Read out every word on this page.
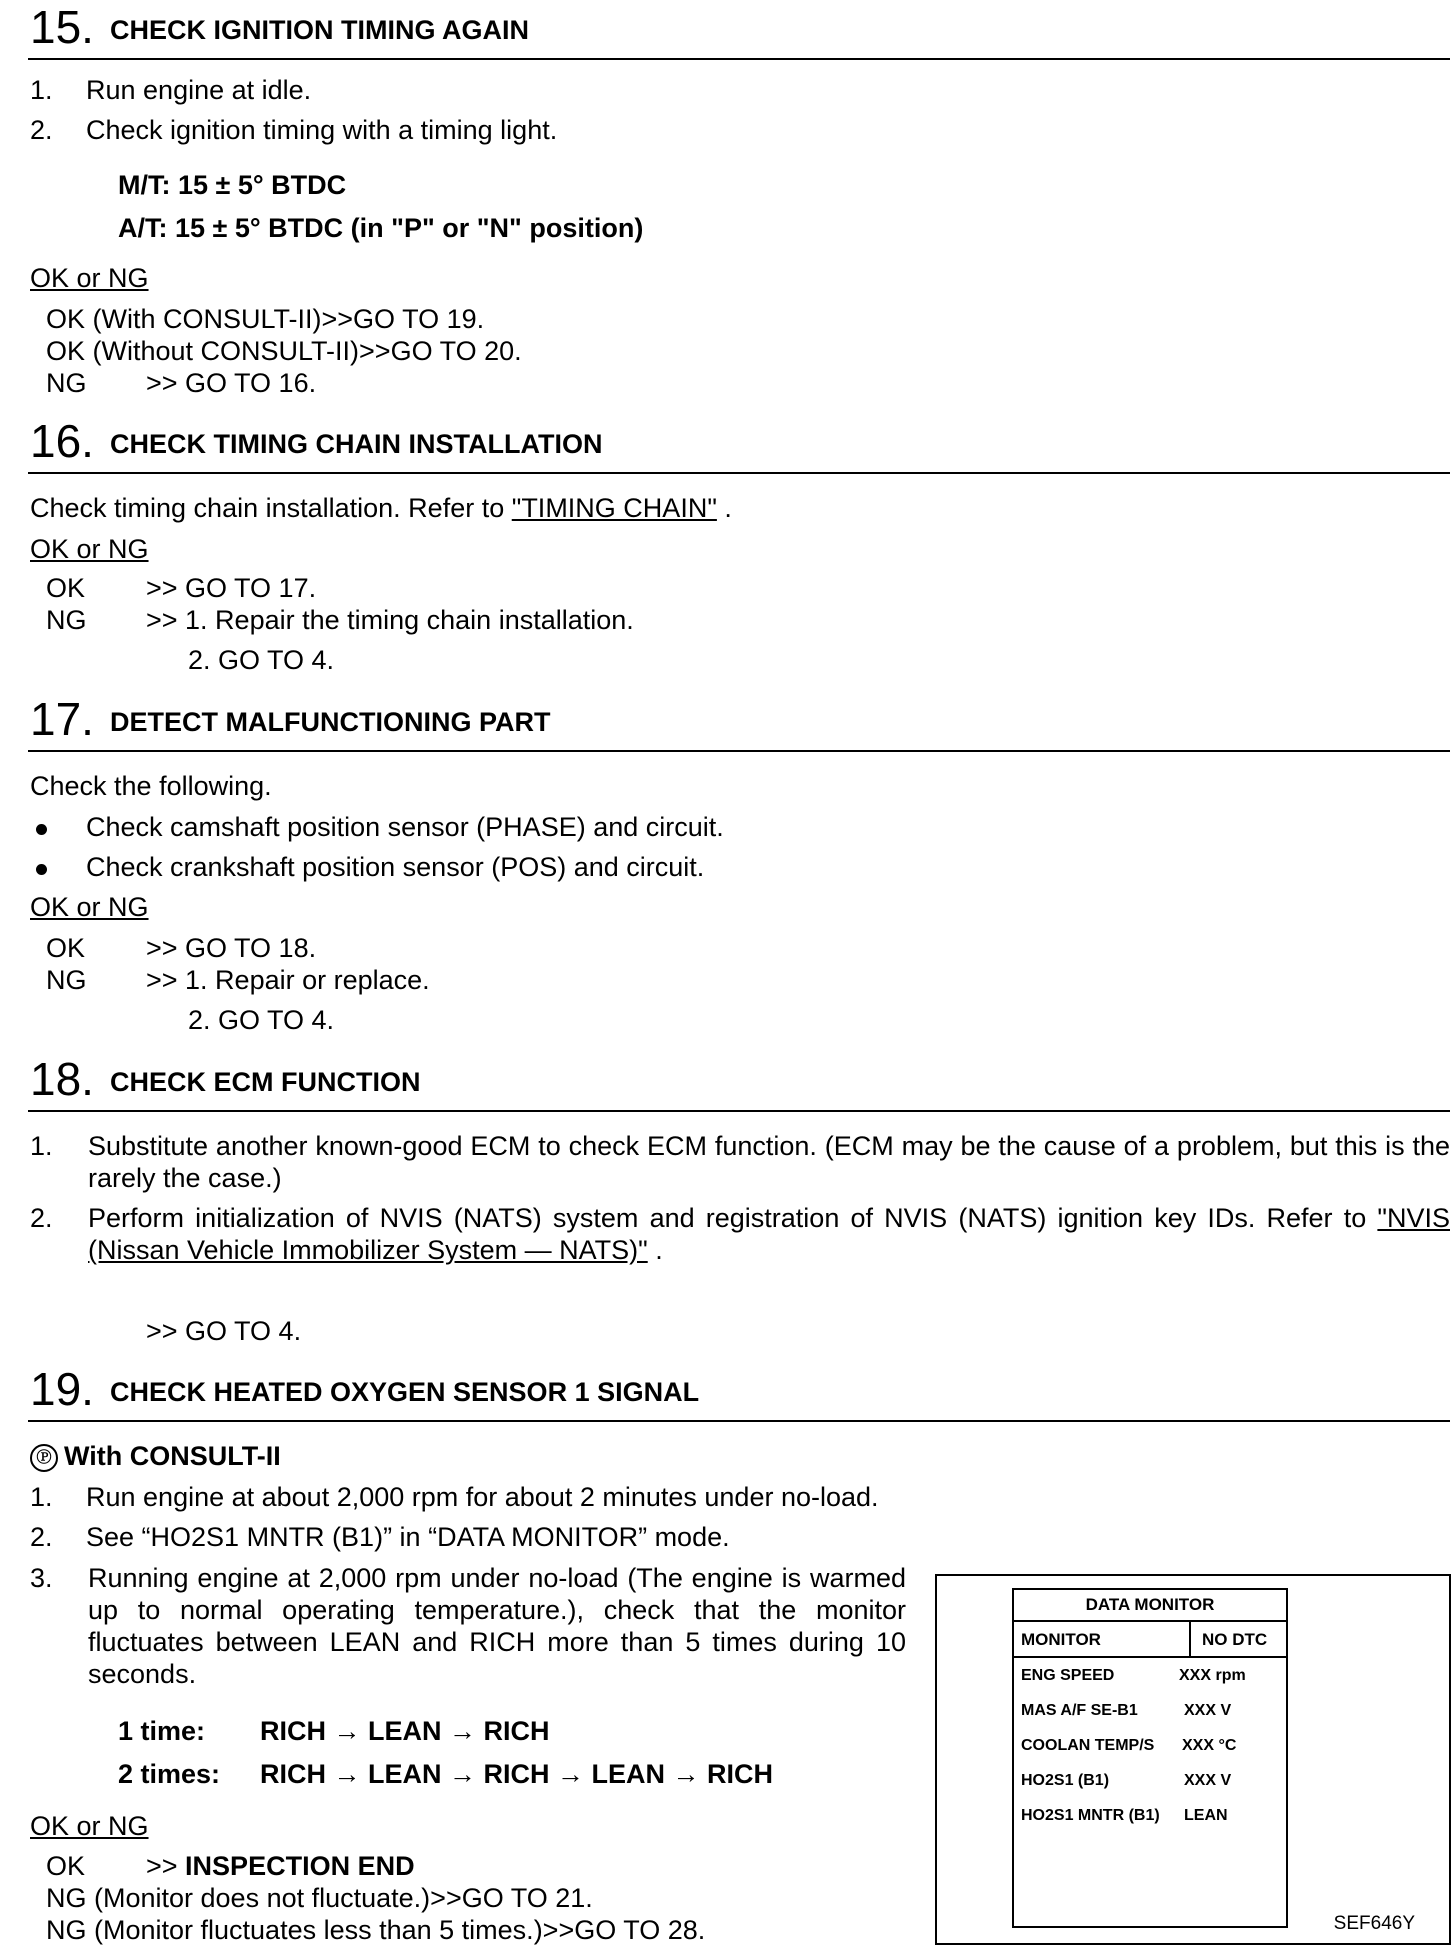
15. CHECK IGNITION TIMING AGAIN
1. Run engine at idle.
2. Check ignition timing with a timing light.
M/T: 15 ± 5° BTDC
A/T: 15 ± 5° BTDC (in "P" or "N" position)
OK or NG
OK (With CONSULT-II)>>GO TO 19.
OK (Without CONSULT-II)>>GO TO 20.
NG >> GO TO 16.
16. CHECK TIMING CHAIN INSTALLATION
Check timing chain installation. Refer to "TIMING CHAIN" .
OK or NG
OK >> GO TO 17.
NG >> 1. Repair the timing chain installation.
2. GO TO 4.
17. DETECT MALFUNCTIONING PART
Check the following.
Check camshaft position sensor (PHASE) and circuit.
Check crankshaft position sensor (POS) and circuit.
OK or NG
OK >> GO TO 18.
NG >> 1. Repair or replace.
2. GO TO 4.
18. CHECK ECM FUNCTION
1. Substitute another known-good ECM to check ECM function. (ECM may be the cause of a problem, but this is the rarely the case.)
2. Perform initialization of NVIS (NATS) system and registration of NVIS (NATS) ignition key IDs. Refer to "NVIS (Nissan Vehicle Immobilizer System — NATS)" .
>> GO TO 4.
19. CHECK HEATED OXYGEN SENSOR 1 SIGNAL
Ⓟ With CONSULT-II
1. Run engine at about 2,000 rpm for about 2 minutes under no-load.
2. See “HO2S1 MNTR (B1)” in “DATA MONITOR” mode.
3. Running engine at 2,000 rpm under no-load (The engine is warmed up to normal operating temperature.), check that the monitor fluctuates between LEAN and RICH more than 5 times during 10 seconds.
1 time: RICH → LEAN → RICH
2 times: RICH → LEAN → RICH → LEAN → RICH
OK or NG
OK >> INSPECTION END
NG (Monitor does not fluctuate.)>>GO TO 21.
NG (Monitor fluctuates less than 5 times.)>>GO TO 28.
DATA MONITOR
MONITOR	NO DTC
ENG SPEED	XXX rpm
MAS A/F SE-B1	XXX V
COOLAN TEMP/S XXX °C
HO2S1 (B1)	XXX V
HO2S1 MNTR (B1) LEAN
SEF646Y
